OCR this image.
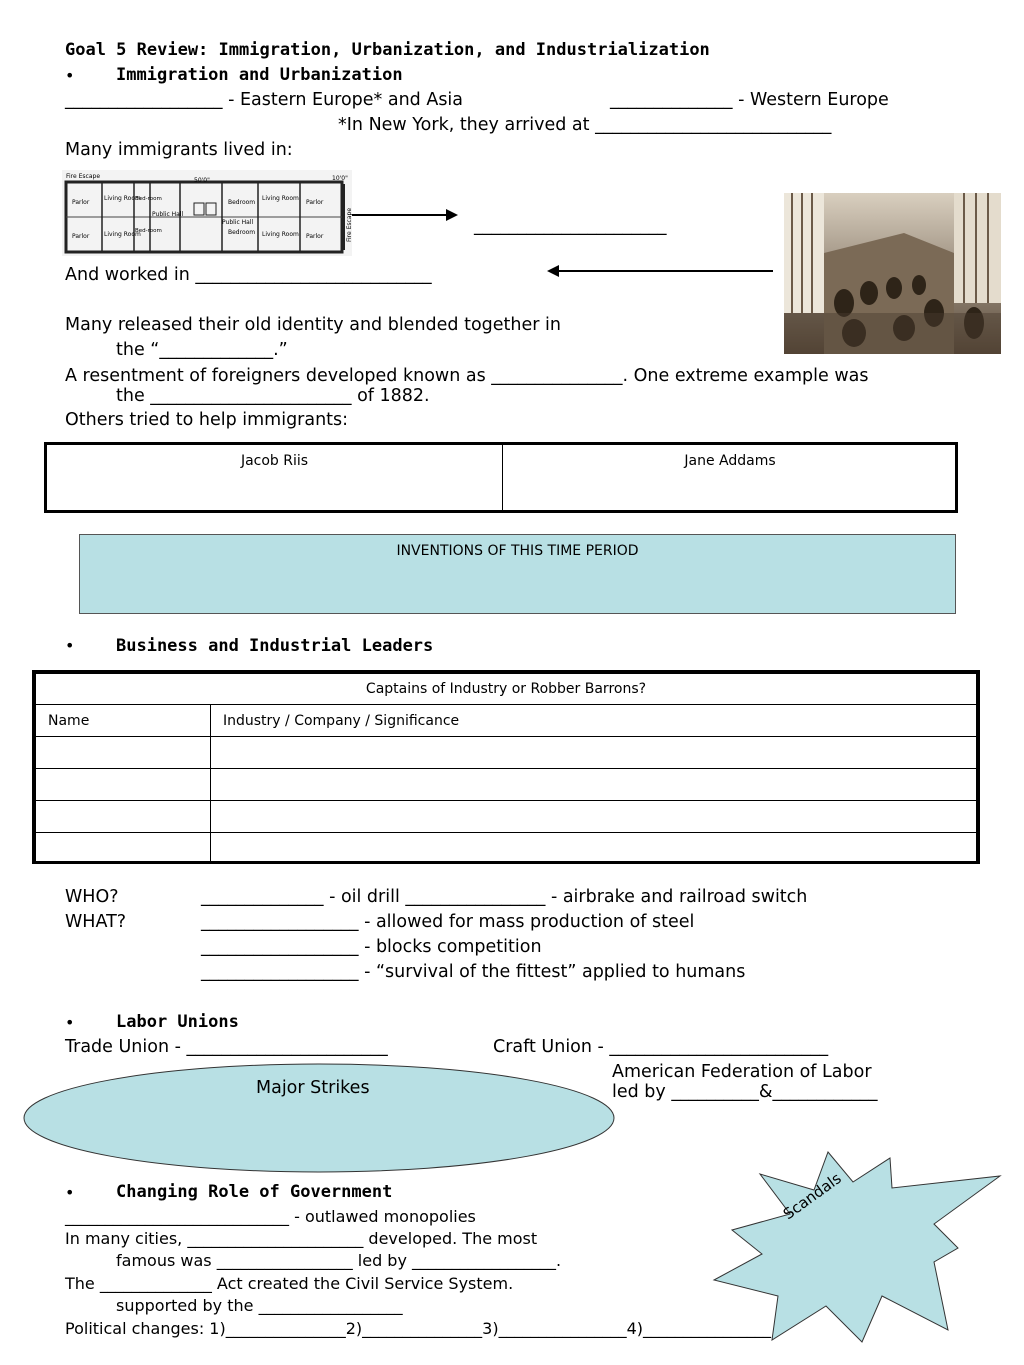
Goal 5 Review: Immigration, Urbanization, and Industrialization
• Immigration and Urbanization
__________________ - Eastern Europe* and Asia	______________ - Western Europe
*In New York, they arrived at ___________________________
Many immigrants lived in:
Fire Escape
50'0"
Parlor
Parlor
Living Room
Living Room
Bed-room
Bed-room
Public Hall
Public Hall
Bedroom
Bedroom
Living Room
Living Room
Parlor
Parlor
10'0"
Fire Escape	______________________
And worked in ___________________________
Many released their old identity and blended together in
the “_____________.”
A resentment of foreigners developed known as _______________. One extreme example was
the _______________________ of 1882.
Others tried to help immigrants:
Jacob Riis	Jane Addams
INVENTIONS OF THIS TIME PERIOD
• Business and Industrial Leaders
Captains of Industry or Robber Barrons?	
Name	Industry / Company / Significance

WHO?	______________ - oil drill ________________ - airbrake and railroad switch
WHAT?	__________________ - allowed for mass production of steel
__________________ - blocks competition
__________________ - “survival of the fittest” applied to humans
• Labor Unions
Trade Union - _______________________	Craft Union - _________________________
American Federation of Labor
led by __________&____________
Major Strikes
• Changing Role of Government
____________________________ - outlawed monopolies
In many cities, ______________________ developed. The most
famous was _________________ led by __________________.
The ______________ Act created the Civil Service System.
supported by the __________________
Political changes: 1)_______________2)_______________3)________________4)________________
Scandals
